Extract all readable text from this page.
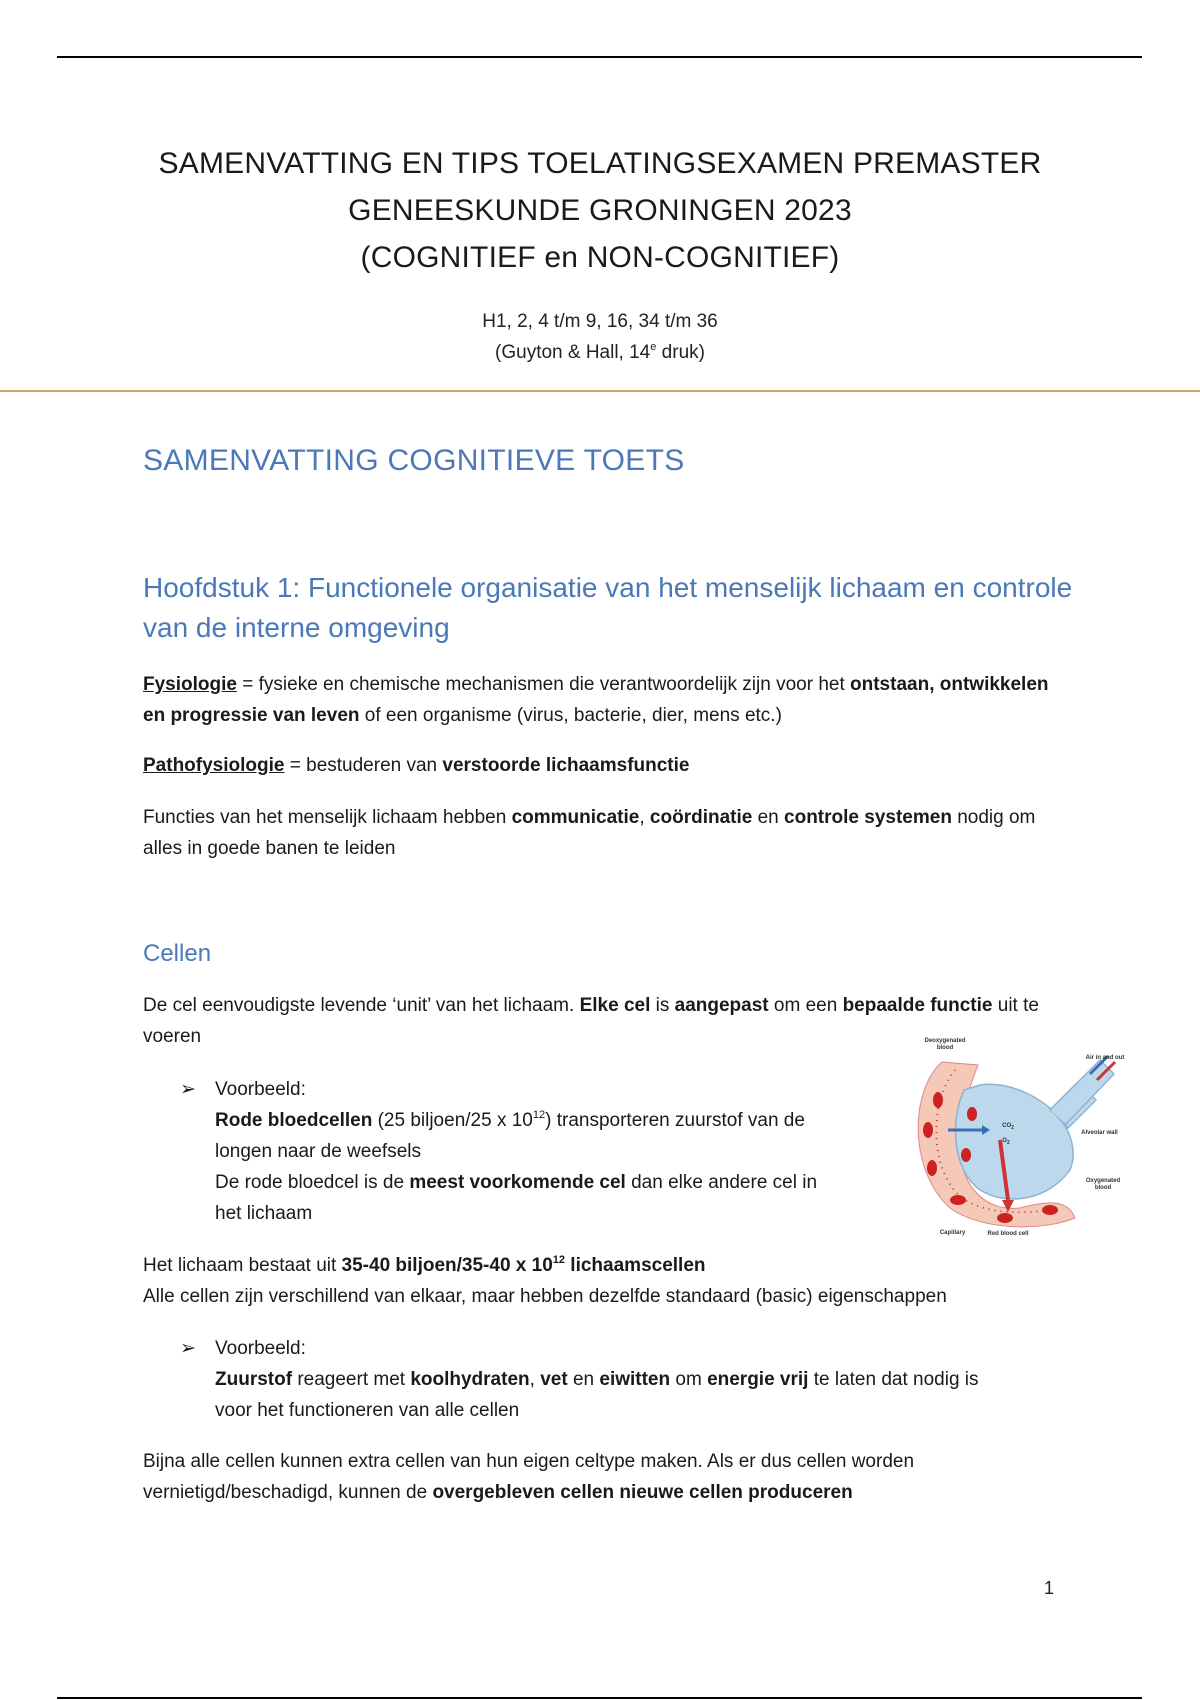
SAMENVATTING EN TIPS TOELATINGSEXAMEN PREMASTER
GENEESKUNDE GRONINGEN 2023
(COGNITIEF en NON-COGNITIEF)
H1, 2, 4 t/m 9, 16, 34 t/m 36
(Guyton & Hall, 14e druk)
SAMENVATTING COGNITIEVE TOETS
Hoofdstuk 1: Functionele organisatie van het menselijk lichaam en controle van de interne omgeving
Fysiologie = fysieke en chemische mechanismen die verantwoordelijk zijn voor het ontstaan, ontwikkelen en progressie van leven of een organisme (virus, bacterie, dier, mens etc.)
Pathofysiologie = bestuderen van verstoorde lichaamsfunctie
Functies van het menselijk lichaam hebben communicatie, coördinatie en controle systemen nodig om alles in goede banen te leiden
Cellen
De cel eenvoudigste levende ‘unit’ van het lichaam. Elke cel is aangepast om een bepaalde functie uit te voeren
➢ Voorbeeld:
Rode bloedcellen (25 biljoen/25 x $10^{12}$) transporteren zuurstof van de
longen naar de weefsels
De rode bloedcel is de meest voorkomende cel dan elke andere cel in
het lichaam
Deoxygenated blood
Air in and out
Alveolar wall
Oxygenated blood
Capillary	Red blood cell
$CO_2$
$O_2$
Het lichaam bestaat uit 35-40 biljoen/35-40 x $10^{12}$ lichaamscellen
Alle cellen zijn verschillend van elkaar, maar hebben dezelfde standaard (basic) eigenschappen
➢ Voorbeeld:
Zuurstof reageert met koolhydraten, vet en eiwitten om energie vrij te laten dat nodig is
voor het functioneren van alle cellen
Bijna alle cellen kunnen extra cellen van hun eigen celtype maken. Als er dus cellen worden vernietigd/beschadigd, kunnen de overgebleven cellen nieuwe cellen produceren
1
